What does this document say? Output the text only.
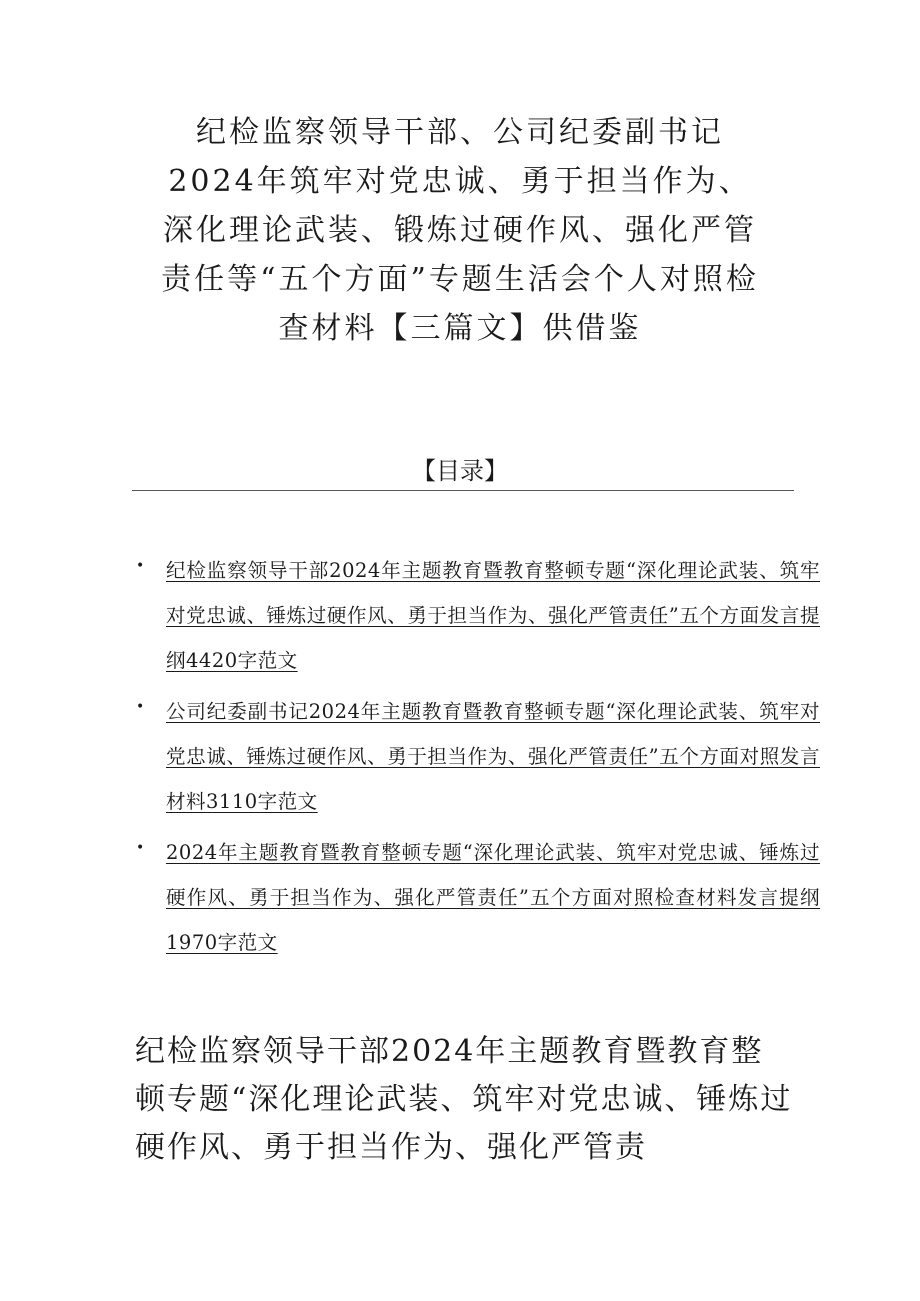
纪检监察领导干部、公司纪委副书记2024年筑牢对党忠诚、勇于担当作为、深化理论武装、锻炼过硬作风、强化严管责任等“五个方面”专题生活会个人对照检查材料【三篇文】供借鉴
【目录】
• 纪检监察领导干部2024年主题教育暨教育整顿专题“深化理论武装、筑牢对党忠诚、锤炼过硬作风、勇于担当作为、强化严管责任”五个方面发言提纲4420字范文
• 公司纪委副书记2024年主题教育暨教育整顿专题“深化理论武装、筑牢对党忠诚、锤炼过硬作风、勇于担当作为、强化严管责任”五个方面对照发言材料3110字范文
• 2024年主题教育暨教育整顿专题“深化理论武装、筑牢对党忠诚、锤炼过硬作风、勇于担当作为、强化严管责任”五个方面对照检查材料发言提纲1970字范文
纪检监察领导干部2024年主题教育暨教育整顿专题“深化理论武装、筑牢对党忠诚、锤炼过硬作风、勇于担当作为、强化严管责
